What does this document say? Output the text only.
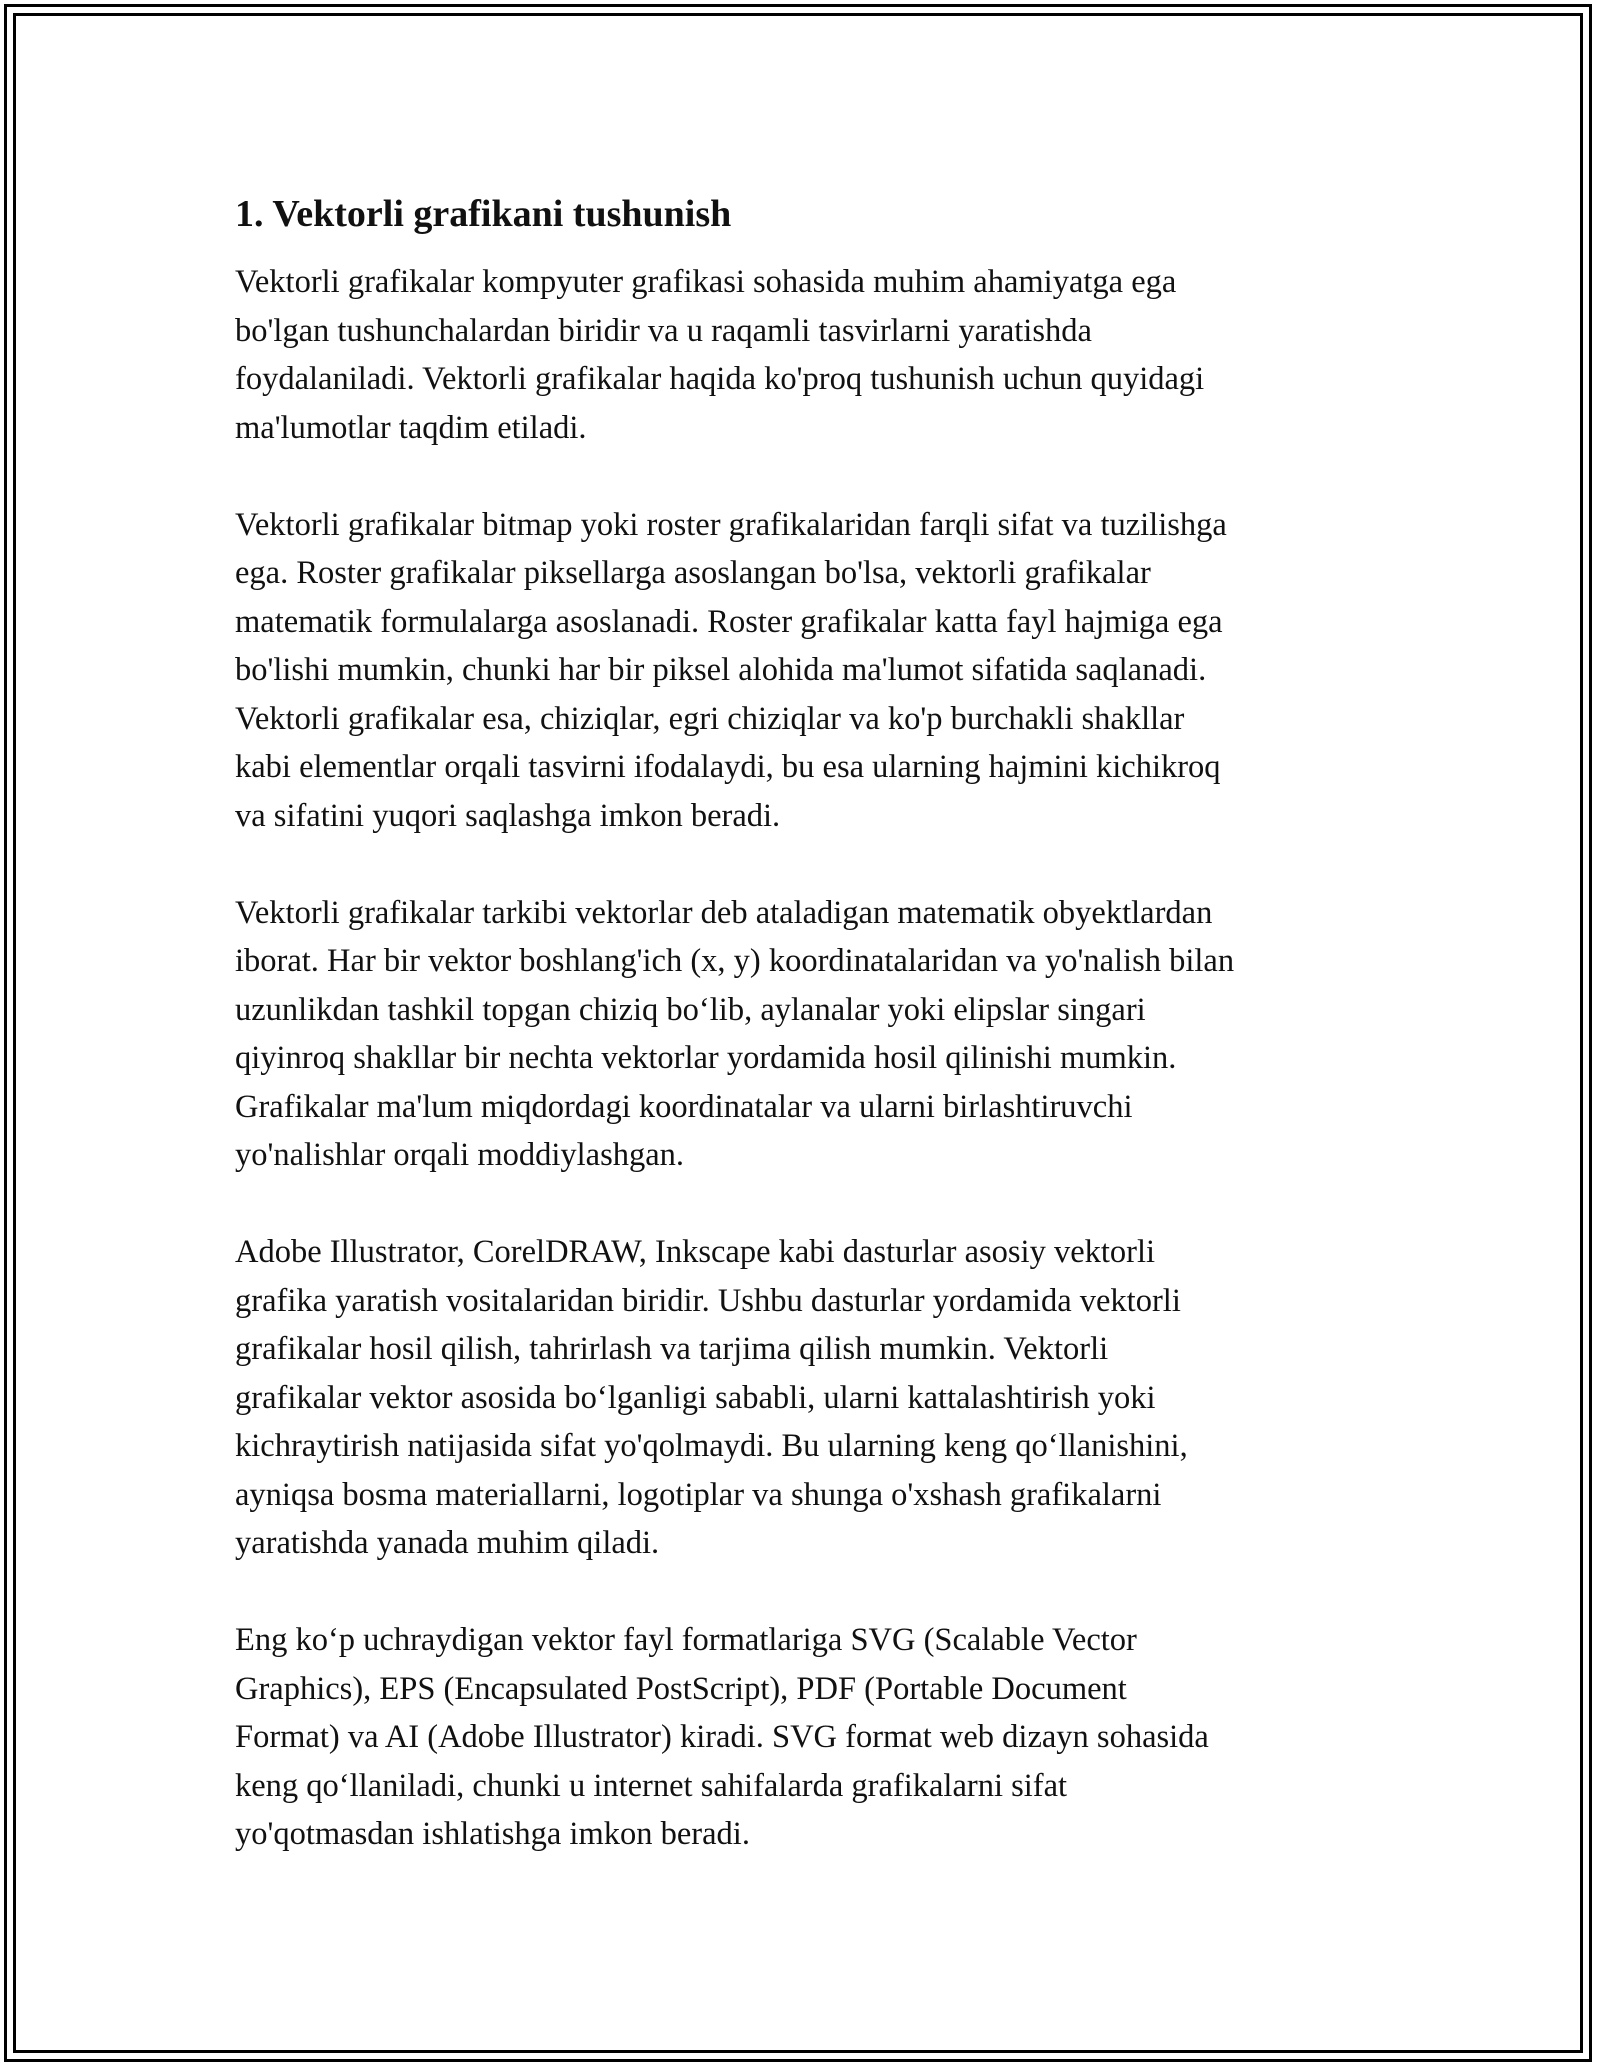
1. Vektorli grafikani tushunish

Vektorli grafikalar kompyuter grafikasi sohasida muhim ahamiyatga ega
bo'lgan tushunchalardan biridir va u raqamli tasvirlarni yaratishda
foydalaniladi. Vektorli grafikalar haqida ko'proq tushunish uchun quyidagi
ma'lumotlar taqdim etiladi.

Vektorli grafikalar bitmap yoki roster grafikalaridan farqli sifat va tuzilishga
ega. Roster grafikalar piksellarga asoslangan bo'lsa, vektorli grafikalar
matematik formulalarga asoslanadi. Roster grafikalar katta fayl hajmiga ega
bo'lishi mumkin, chunki har bir piksel alohida ma'lumot sifatida saqlanadi.
Vektorli grafikalar esa, chiziqlar, egri chiziqlar va ko'p burchakli shakllar
kabi elementlar orqali tasvirni ifodalaydi, bu esa ularning hajmini kichikroq
va sifatini yuqori saqlashga imkon beradi.

Vektorli grafikalar tarkibi vektorlar deb ataladigan matematik obyektlardan
iborat. Har bir vektor boshlang'ich (x, y) koordinatalaridan va yo'nalish bilan
uzunlikdan tashkil topgan chiziq bo‘lib, aylanalar yoki elipslar singari
qiyinroq shakllar bir nechta vektorlar yordamida hosil qilinishi mumkin.
Grafikalar ma'lum miqdordagi koordinatalar va ularni birlashtiruvchi
yo'nalishlar orqali moddiylashgan.

Adobe Illustrator, CorelDRAW, Inkscape kabi dasturlar asosiy vektorli
grafika yaratish vositalaridan biridir. Ushbu dasturlar yordamida vektorli
grafikalar hosil qilish, tahrirlash va tarjima qilish mumkin. Vektorli
grafikalar vektor asosida bo‘lganligi sababli, ularni kattalashtirish yoki
kichraytirish natijasida sifat yo'qolmaydi. Bu ularning keng qo‘llanishini,
ayniqsa bosma materiallarni, logotiplar va shunga o'xshash grafikalarni
yaratishda yanada muhim qiladi.

Eng ko‘p uchraydigan vektor fayl formatlariga SVG (Scalable Vector
Graphics), EPS (Encapsulated PostScript), PDF (Portable Document
Format) va AI (Adobe Illustrator) kiradi. SVG format web dizayn sohasida
keng qo‘llaniladi, chunki u internet sahifalarda grafikalarni sifat
yo'qotmasdan ishlatishga imkon beradi.
